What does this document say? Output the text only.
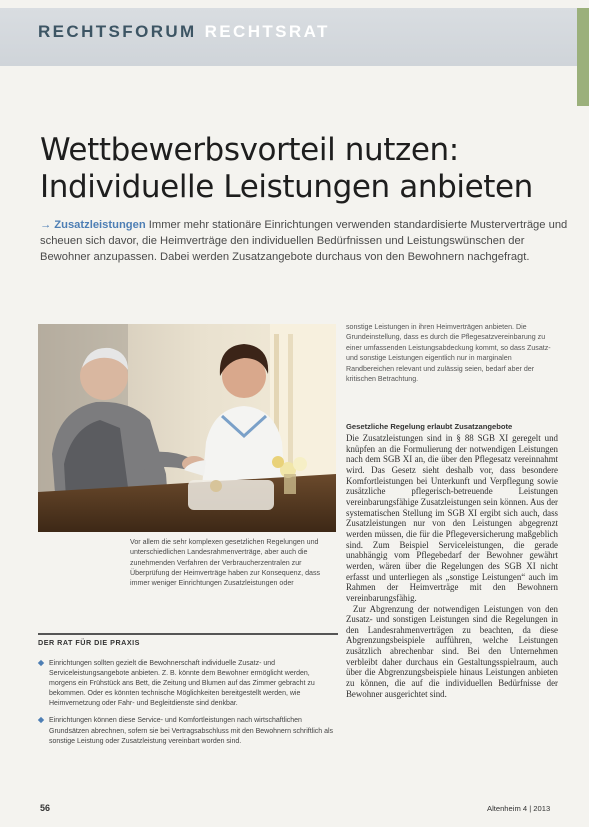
RECHTSFORUM RECHTSRAT
Wettbewerbsvorteil nutzen:
Individuelle Leistungen anbieten

→ Zusatzleistungen Immer mehr stationäre Einrichtungen verwenden standardisierte Musterverträge und scheuen sich davor, die Heimverträge den individuellen Bedürfnissen und Leistungswünschen der Bewohner anzupassen. Dabei werden Zusatzangebote durchaus von den Bewohnern nachgefragt.

Vor allem die sehr komplexen gesetzlichen Regelungen und unterschiedlichen Landesrahmenverträge, aber auch die zunehmenden Verfahren der Verbraucherzentralen zur Überprüfung der Heimverträge haben zur Konsequenz, dass immer weniger Einrichtungen Zusatzleistungen oder

sonstige Leistungen in ihren Heimverträgen anbieten. Die Grundeinstellung, dass es durch die Pflegesatzvereinbarung zu einer umfassenden Leistungsabdeckung kommt, so dass Zusatz- und sonstige Leistungen eigentlich nur in marginalen Randbereichen relevant und zulässig seien, bedarf aber der kritischen Betrachtung.

Gesetzliche Regelung erlaubt Zusatzangebote

Die Zusatzleistungen sind in § 88 SGB XI geregelt und knüpfen an die Formulierung der notwendigen Leistungen nach dem SGB XI an, die über den Pflegesatz vereinnahmt wird. Das Gesetz sieht deshalb vor, dass besondere Komfortleistungen bei Unterkunft und Verpflegung sowie zusätzliche pflegerisch-betreuende Leistungen vereinbarungsfähige Zusatzleistungen sein können. Aus der systematischen Stellung im SGB XI ergibt sich auch, dass Zusatzleistungen nur von den Leistungen abgegrenzt werden müssen, die für die Pflegeversicherung maßgeblich sind. Zum Beispiel Serviceleistungen, die gerade unabhängig vom Pflegebedarf der Bewohner gewährt werden, wären über die Regelungen des SGB XI nicht erfasst und unterliegen als „sonstige Leistungen“ auch im Rahmen der Heimverträge mit den Bewohnern vereinbarungsfähig.

Zur Abgrenzung der notwendigen Leistungen von den Zusatz- und sonstigen Leistungen sind die Regelungen in den Landesrahmenverträgen zu beachten, da diese Abgrenzungsbeispiele aufführen, welche Leistungen zusätzlich abrechenbar sind. Bei den Unternehmen verbleibt daher durchaus ein Gestaltungsspielraum, auch über die Abgrenzungsbeispiele hinaus Leistungen anbieten zu können, die auf die individuellen Bedürfnisse der Bewohner ausgerichtet sind.

DER RAT FÜR DIE PRAXIS
Einrichtungen sollten gezielt die Bewohnerschaft individuelle Zusatz- und Serviceleistungsangebote anbieten. Z. B. könnte dem Bewohner ermöglicht werden, morgens ein Frühstück ans Bett, die Zeitung und Blumen auf das Zimmer gebracht zu bekommen. Oder es könnten technische Möglichkeiten bereitgestellt werden, wie Heimvernetzung oder Fahr- und Begleitdienste sind denkbar.
Einrichtungen können diese Service- und Komfortleistungen nach wirtschaftlichen Grundsätzen abrechnen, sofern sie bei Vertragsabschluss mit den Bewohnern schriftlich als sonstige Leistung oder Zusatzleistung vereinbart worden sind.
56	Altenheim 4 | 2013
